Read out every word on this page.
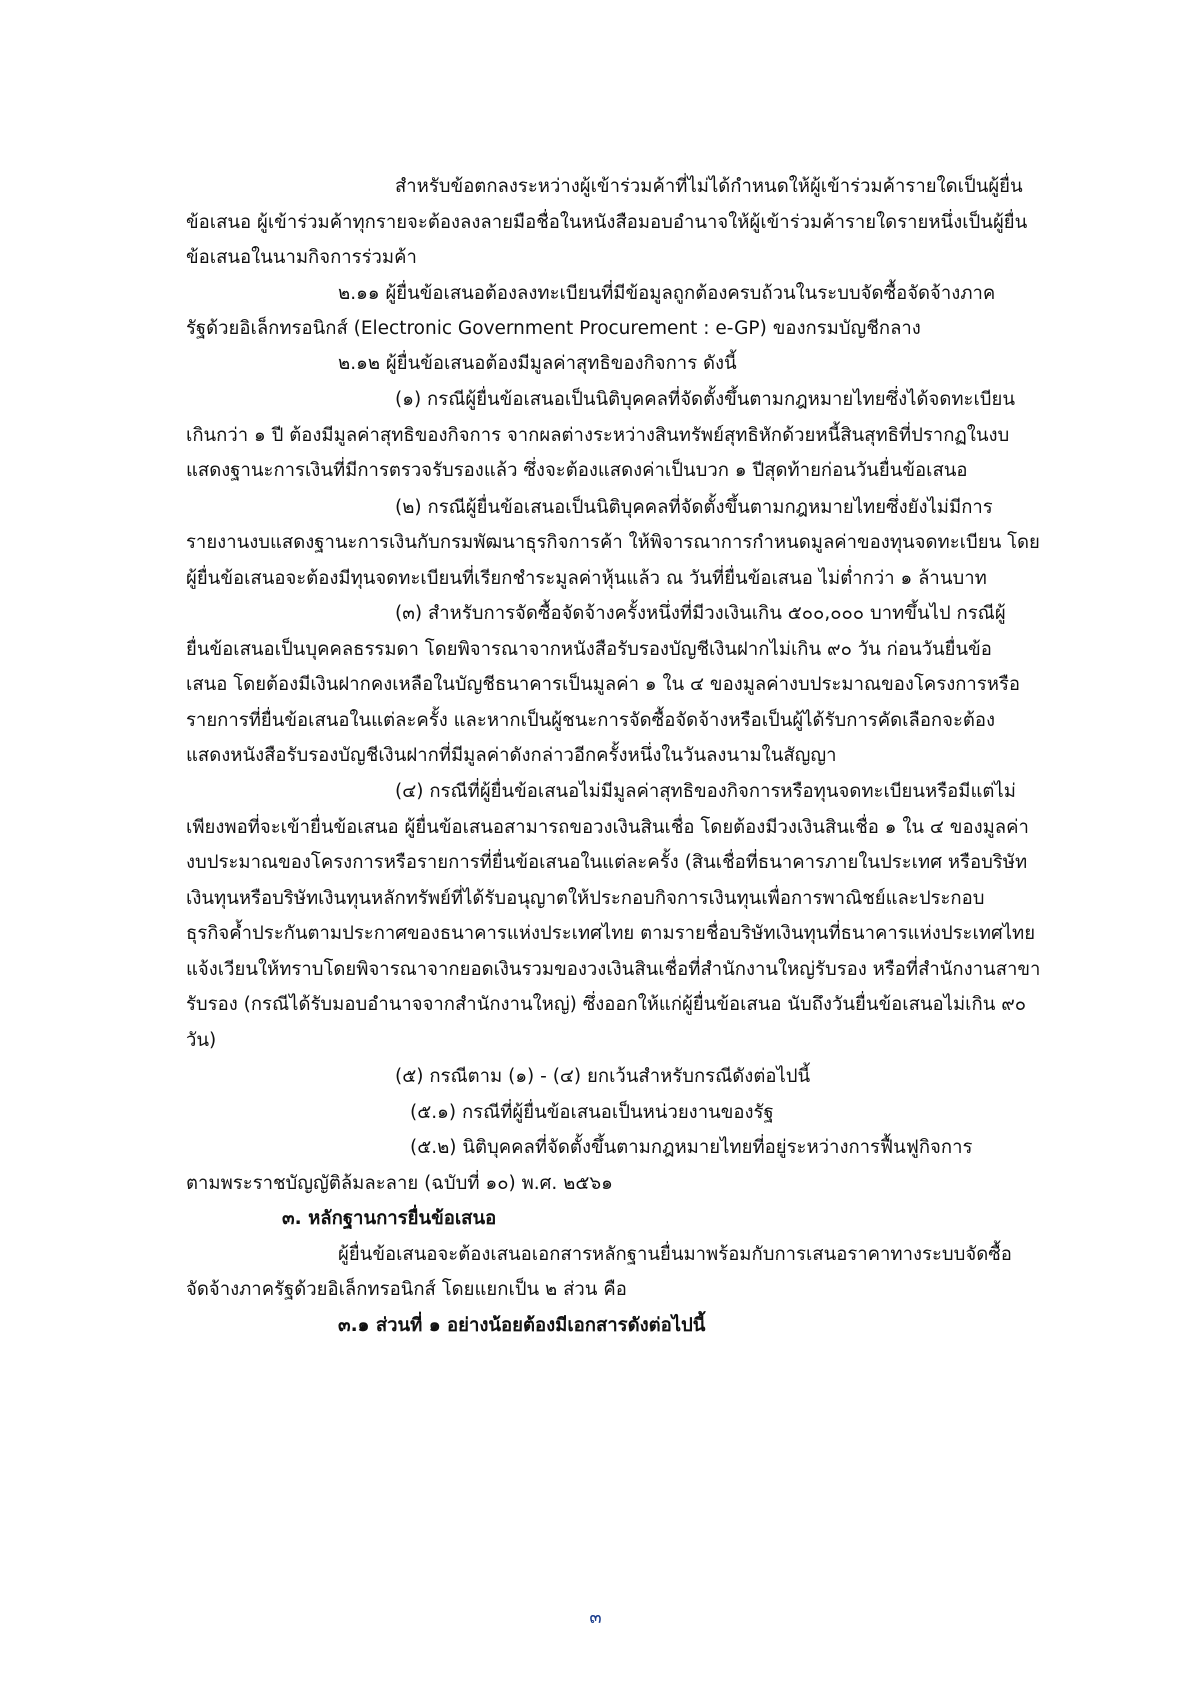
สำหรับข้อตกลงระหว่างผู้เข้าร่วมค้าที่ไม่ได้กำหนดให้ผู้เข้าร่วมค้ารายใดเป็นผู้ยื่น
ข้อเสนอ ผู้เข้าร่วมค้าทุกรายจะต้องลงลายมือชื่อในหนังสือมอบอำนาจให้ผู้เข้าร่วมค้ารายใดรายหนึ่งเป็นผู้ยื่น
ข้อเสนอในนามกิจการร่วมค้า
๒.๑๑ ผู้ยื่นข้อเสนอต้องลงทะเบียนที่มีข้อมูลถูกต้องครบถ้วนในระบบจัดซื้อจัดจ้างภาค
รัฐด้วยอิเล็กทรอนิกส์ (Electronic Government Procurement : e-GP) ของกรมบัญชีกลาง
๒.๑๒ ผู้ยื่นข้อเสนอต้องมีมูลค่าสุทธิของกิจการ ดังนี้
(๑) กรณีผู้ยื่นข้อเสนอเป็นนิติบุคคลที่จัดตั้งขึ้นตามกฎหมายไทยซึ่งได้จดทะเบียน
เกินกว่า ๑ ปี ต้องมีมูลค่าสุทธิของกิจการ จากผลต่างระหว่างสินทรัพย์สุทธิหักด้วยหนี้สินสุทธิที่ปรากฏในงบ
แสดงฐานะการเงินที่มีการตรวจรับรองแล้ว ซึ่งจะต้องแสดงค่าเป็นบวก ๑ ปีสุดท้ายก่อนวันยื่นข้อเสนอ
(๒) กรณีผู้ยื่นข้อเสนอเป็นนิติบุคคลที่จัดตั้งขึ้นตามกฎหมายไทยซึ่งยังไม่มีการ
รายงานงบแสดงฐานะการเงินกับกรมพัฒนาธุรกิจการค้า ให้พิจารณาการกำหนดมูลค่าของทุนจดทะเบียน โดย
ผู้ยื่นข้อเสนอจะต้องมีทุนจดทะเบียนที่เรียกชำระมูลค่าหุ้นแล้ว ณ วันที่ยื่นข้อเสนอ ไม่ต่ำกว่า ๑ ล้านบาท
(๓) สำหรับการจัดซื้อจัดจ้างครั้งหนึ่งที่มีวงเงินเกิน ๕๐๐,๐๐๐ บาทขึ้นไป กรณีผู้
ยื่นข้อเสนอเป็นบุคคลธรรมดา โดยพิจารณาจากหนังสือรับรองบัญชีเงินฝากไม่เกิน ๙๐ วัน ก่อนวันยื่นข้อ
เสนอ โดยต้องมีเงินฝากคงเหลือในบัญชีธนาคารเป็นมูลค่า ๑ ใน ๔ ของมูลค่างบประมาณของโครงการหรือ
รายการที่ยื่นข้อเสนอในแต่ละครั้ง และหากเป็นผู้ชนะการจัดซื้อจัดจ้างหรือเป็นผู้ได้รับการคัดเลือกจะต้อง
แสดงหนังสือรับรองบัญชีเงินฝากที่มีมูลค่าดังกล่าวอีกครั้งหนึ่งในวันลงนามในสัญญา
(๔) กรณีที่ผู้ยื่นข้อเสนอไม่มีมูลค่าสุทธิของกิจการหรือทุนจดทะเบียนหรือมีแต่ไม่
เพียงพอที่จะเข้ายื่นข้อเสนอ ผู้ยื่นข้อเสนอสามารถขอวงเงินสินเชื่อ โดยต้องมีวงเงินสินเชื่อ ๑ ใน ๔ ของมูลค่า
งบประมาณของโครงการหรือรายการที่ยื่นข้อเสนอในแต่ละครั้ง (สินเชื่อที่ธนาคารภายในประเทศ หรือบริษัท
เงินทุนหรือบริษัทเงินทุนหลักทรัพย์ที่ได้รับอนุญาตให้ประกอบกิจการเงินทุนเพื่อการพาณิชย์และประกอบ
ธุรกิจค้ำประกันตามประกาศของธนาคารแห่งประเทศไทย ตามรายชื่อบริษัทเงินทุนที่ธนาคารแห่งประเทศไทย
แจ้งเวียนให้ทราบโดยพิจารณาจากยอดเงินรวมของวงเงินสินเชื่อที่สำนักงานใหญ่รับรอง หรือที่สำนักงานสาขา
รับรอง (กรณีได้รับมอบอำนาจจากสำนักงานใหญ่) ซึ่งออกให้แก่ผู้ยื่นข้อเสนอ นับถึงวันยื่นข้อเสนอไม่เกิน ๙๐
วัน)
(๕) กรณีตาม (๑) - (๔) ยกเว้นสำหรับกรณีดังต่อไปนี้
(๕.๑) กรณีที่ผู้ยื่นข้อเสนอเป็นหน่วยงานของรัฐ
(๕.๒) นิติบุคคลที่จัดตั้งขึ้นตามกฎหมายไทยที่อยู่ระหว่างการฟื้นฟูกิจการ
ตามพระราชบัญญัติล้มละลาย (ฉบับที่ ๑๐) พ.ศ. ๒๕๖๑
๓. หลักฐานการยื่นข้อเสนอ
ผู้ยื่นข้อเสนอจะต้องเสนอเอกสารหลักฐานยื่นมาพร้อมกับการเสนอราคาทางระบบจัดซื้อ
จัดจ้างภาครัฐด้วยอิเล็กทรอนิกส์ โดยแยกเป็น ๒ ส่วน คือ
๓.๑ ส่วนที่ ๑ อย่างน้อยต้องมีเอกสารดังต่อไปนี้
๓
